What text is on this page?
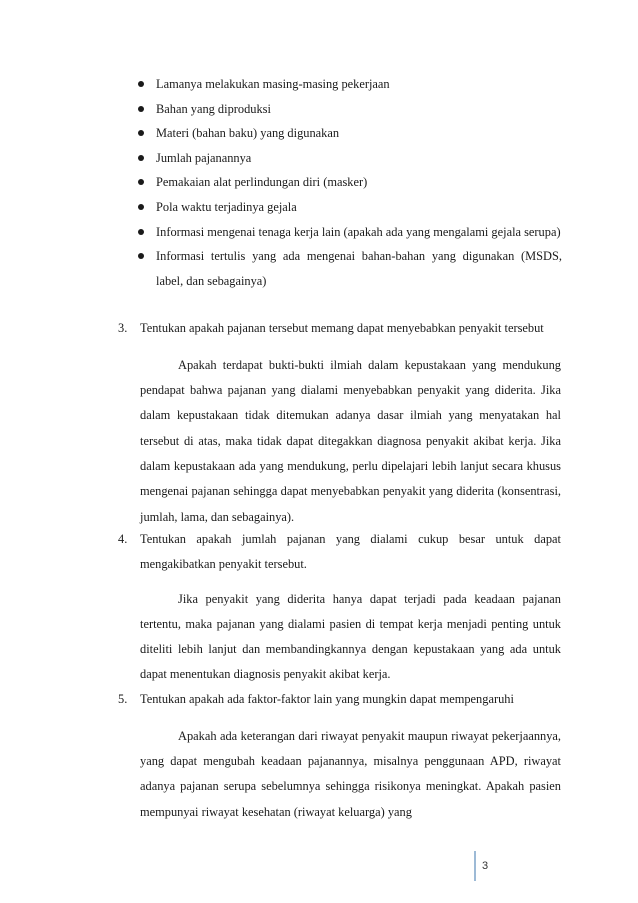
Lamanya melakukan masing-masing pekerjaan
Bahan yang diproduksi
Materi (bahan baku) yang digunakan
Jumlah pajanannya
Pemakaian alat perlindungan diri (masker)
Pola waktu terjadinya gejala
Informasi mengenai tenaga kerja lain (apakah ada yang mengalami gejala serupa)
Informasi tertulis yang ada mengenai bahan-bahan yang digunakan (MSDS, label, dan sebagainya)
3. Tentukan apakah pajanan tersebut memang dapat menyebabkan penyakit tersebut
Apakah terdapat bukti-bukti ilmiah dalam kepustakaan yang mendukung pendapat bahwa pajanan yang dialami menyebabkan penyakit yang diderita. Jika dalam kepustakaan tidak ditemukan adanya dasar ilmiah yang menyatakan hal tersebut di atas, maka tidak dapat ditegakkan diagnosa penyakit akibat kerja. Jika dalam kepustakaan ada yang mendukung, perlu dipelajari lebih lanjut secara khusus mengenai pajanan sehingga dapat menyebabkan penyakit yang diderita (konsentrasi, jumlah, lama, dan sebagainya).
4. Tentukan apakah jumlah pajanan yang dialami cukup besar untuk dapat mengakibatkan penyakit tersebut.
Jika penyakit yang diderita hanya dapat terjadi pada keadaan pajanan tertentu, maka pajanan yang dialami pasien di tempat kerja menjadi penting untuk diteliti lebih lanjut dan membandingkannya dengan kepustakaan yang ada untuk dapat menentukan diagnosis penyakit akibat kerja.
5. Tentukan apakah ada faktor-faktor lain yang mungkin dapat mempengaruhi
Apakah ada keterangan dari riwayat penyakit maupun riwayat pekerjaannya, yang dapat mengubah keadaan pajanannya, misalnya penggunaan APD, riwayat adanya pajanan serupa sebelumnya sehingga risikonya meningkat. Apakah pasien mempunyai riwayat kesehatan (riwayat keluarga) yang
3
